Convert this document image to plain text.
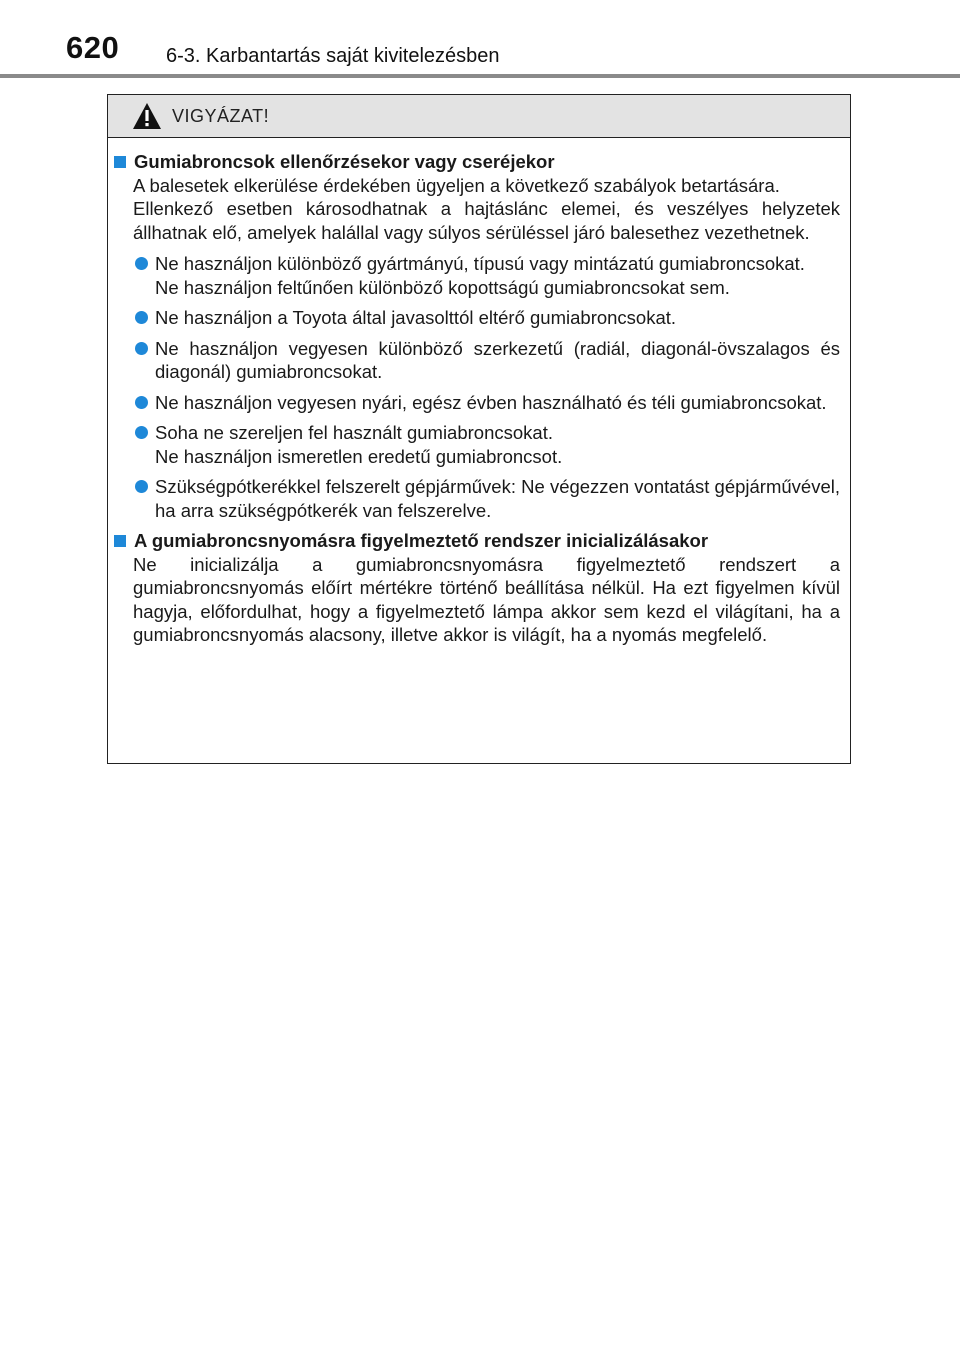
620 6-3. Karbantartás saját kivitelezésben
VIGYÁZAT!
Gumiabroncsok ellenőrzésekor vagy cseréjekor
A balesetek elkerülése érdekében ügyeljen a következő szabályok betartására.
Ellenkező esetben károsodhatnak a hajtáslánc elemei, és veszélyes helyzetek állhatnak elő, amelyek halállal vagy súlyos sérüléssel járó balesethez vezethetnek.
Ne használjon különböző gyártmányú, típusú vagy mintázatú gumiabroncsokat.
Ne használjon feltűnően különböző kopottságú gumiabroncsokat sem.
Ne használjon a Toyota által javasolttól eltérő gumiabroncsokat.
Ne használjon vegyesen különböző szerkezetű (radiál, diagonál-övszalagos és diagonál) gumiabroncsokat.
Ne használjon vegyesen nyári, egész évben használható és téli gumiabroncsokat.
Soha ne szereljen fel használt gumiabroncsokat.
Ne használjon ismeretlen eredetű gumiabroncsot.
Szükségpótkerékkel felszerelt gépjárművek: Ne végezzen vontatást gépjárművével, ha arra szükségpótkerék van felszerelve.
A gumiabroncsnyomásra figyelmeztető rendszer inicializálásakor
Ne inicializálja a gumiabroncsnyomásra figyelmeztető rendszert a gumiabroncsnyomás előírt mértékre történő beállítása nélkül. Ha ezt figyelmen kívül hagyja, előfordulhat, hogy a figyelmeztető lámpa akkor sem kezd el világítani, ha a gumiabroncsnyomás alacsony, illetve akkor is világít, ha a nyomás megfelelő.
